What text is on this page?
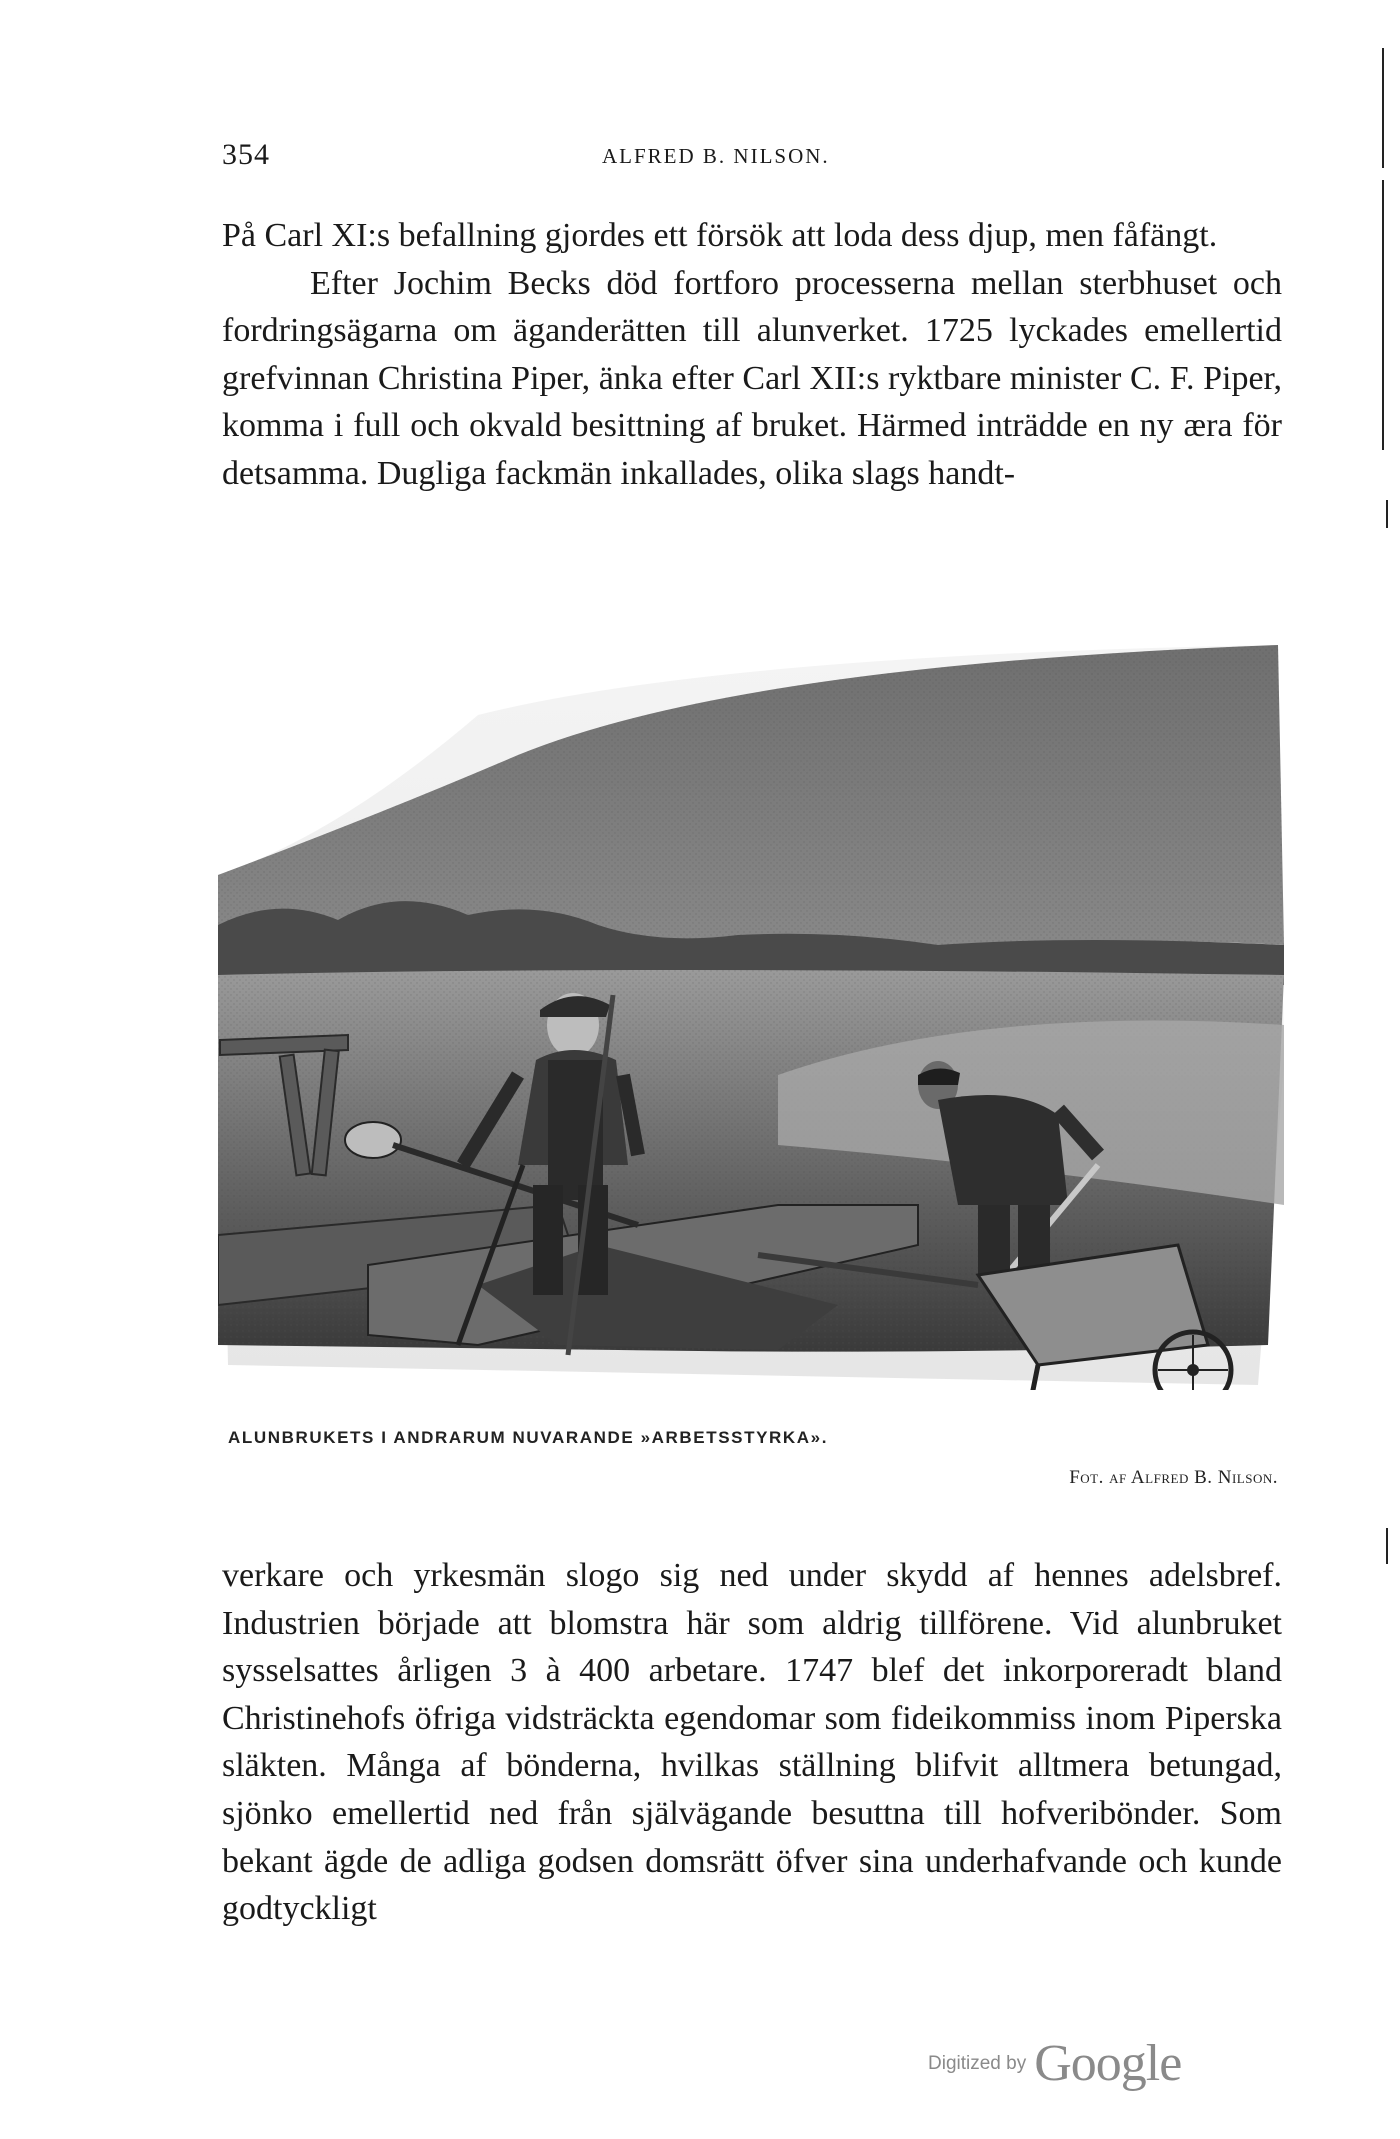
354	ALFRED B. NILSON.

På Carl XI:s befallning gjordes ett försök att loda dess djup, men fåfängt.

Efter Jochim Becks död fortforo processerna mellan sterbhuset och fordringsägarna om äganderätten till alunverket. 1725 lyckades emellertid grefvinnan Christina Piper, änka efter Carl XII:s ryktbare minister C. F. Piper, komma i full och okvald besittning af bruket. Härmed inträdde en ny æra för detsamma. Dugliga fackmän inkallades, olika slags handt-

ALUNBRUKETS I ANDRARUM NUVARANDE »ARBETSSTYRKA».
Fot. af Alfred B. Nilson.

verkare och yrkesmän slogo sig ned under skydd af hennes adelsbref. Industrien började att blomstra här som aldrig tillförene. Vid alunbruket sysselsattes årligen 3 à 400 arbetare. 1747 blef det inkorporeradt bland Christinehofs öfriga vidsträckta egendomar som fideikommiss inom Piperska släkten. Många af bönderna, hvilkas ställning blifvit alltmera betungad, sjönko emellertid ned från självägande besuttna till hofveribönder. Som bekant ägde de adliga godsen domsrätt öfver sina underhafvande och kunde godtyckligt

Digitized by Google
